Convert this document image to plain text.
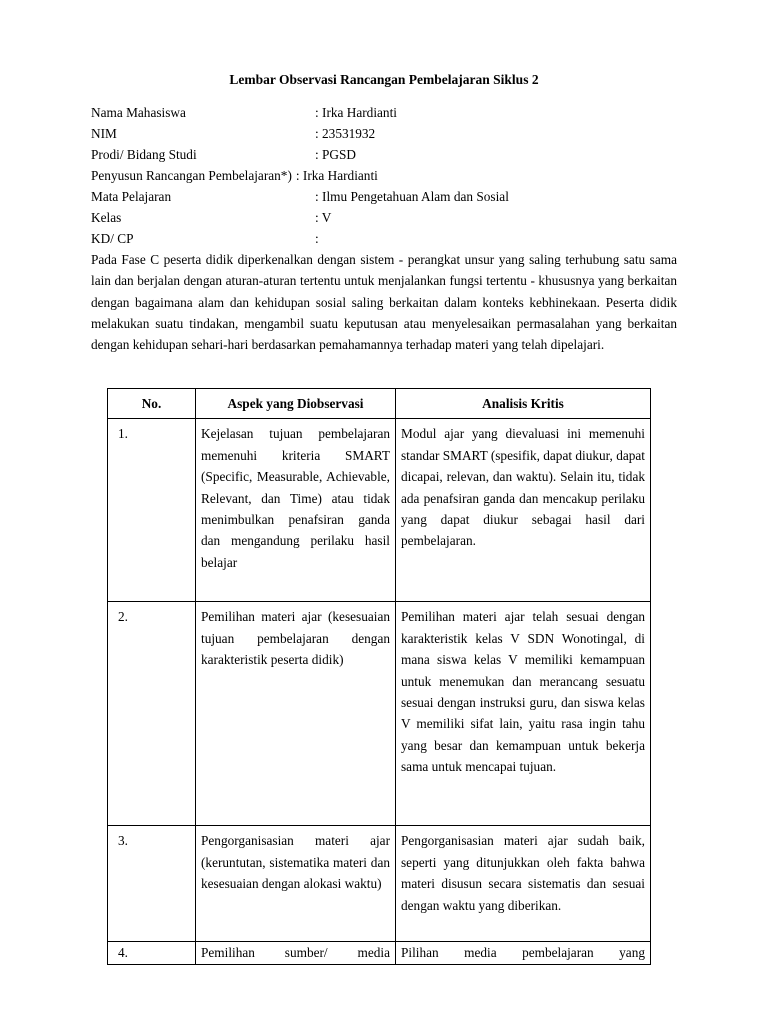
Lembar Observasi Rancangan Pembelajaran Siklus 2
Nama Mahasiswa	: Irka Hardianti
NIM	: 23531932
Prodi/ Bidang Studi	: PGSD
Penyusun Rancangan Pembelajaran*) : Irka Hardianti
Mata Pelajaran	: Ilmu Pengetahuan Alam dan Sosial
Kelas	: V
KD/ CP	:

Pada Fase C peserta didik diperkenalkan dengan sistem - perangkat unsur yang saling terhubung satu sama lain dan berjalan dengan aturan-aturan tertentu untuk menjalankan fungsi tertentu - khususnya yang berkaitan dengan bagaimana alam dan kehidupan sosial saling berkaitan dalam konteks kebhinekaan. Peserta didik melakukan suatu tindakan, mengambil suatu keputusan atau menyelesaikan permasalahan yang berkaitan dengan kehidupan sehari-hari berdasarkan pemahamannya terhadap materi yang telah dipelajari.

No.	Aspek yang Diobservasi	Analisis Kritis
1.	Kejelasan tujuan pembelajaran memenuhi kriteria SMART (Specific, Measurable, Achievable, Relevant, dan Time) atau tidak menimbulkan penafsiran ganda dan mengandung perilaku hasil belajar	Modul ajar yang dievaluasi ini memenuhi standar SMART (spesifik, dapat diukur, dapat dicapai, relevan, dan waktu). Selain itu, tidak ada penafsiran ganda dan mencakup perilaku yang dapat diukur sebagai hasil dari pembelajaran.
2.	Pemilihan materi ajar (kesesuaian tujuan pembelajaran dengan karakteristik peserta didik)	Pemilihan materi ajar telah sesuai dengan karakteristik kelas V SDN Wonotingal, di mana siswa kelas V memiliki kemampuan untuk menemukan dan merancang sesuatu sesuai dengan instruksi guru, dan siswa kelas V memiliki sifat lain, yaitu rasa ingin tahu yang besar dan kemampuan untuk bekerja sama untuk mencapai tujuan.
3.	Pengorganisasian materi ajar (keruntutan, sistematika materi dan kesesuaian dengan alokasi waktu)	Pengorganisasian materi ajar sudah baik, seperti yang ditunjukkan oleh fakta bahwa materi disusun secara sistematis dan sesuai dengan waktu yang diberikan.
4.	Pemilihan sumber/ media	Pilihan media pembelajaran yang
